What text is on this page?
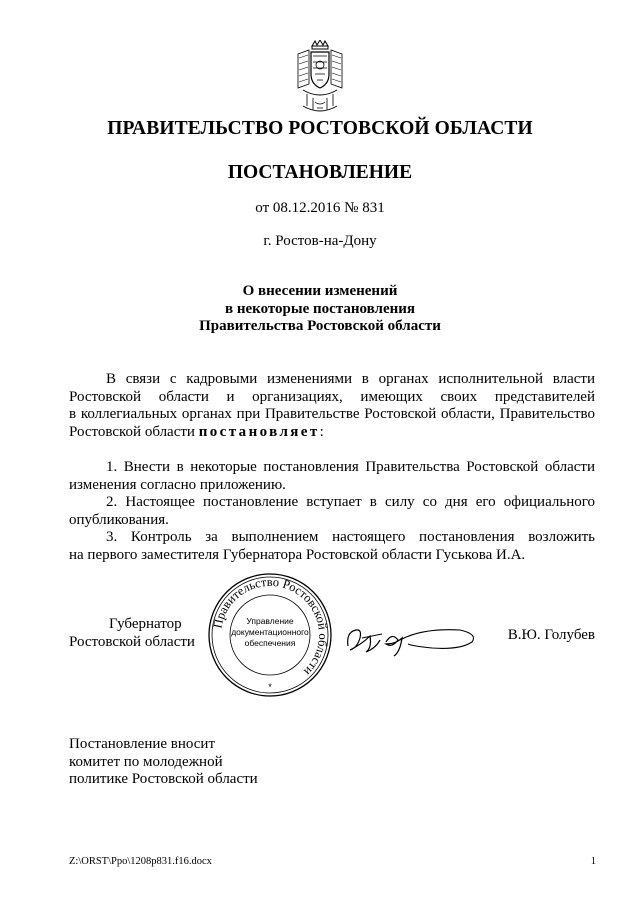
ПРАВИТЕЛЬСТВО РОСТОВСКОЙ ОБЛАСТИ
ПОСТАНОВЛЕНИЕ
от 08.12.2016 № 831
г. Ростов-на-Дону
О внесении изменений
в некоторые постановления
Правительства Ростовской области
В связи с кадровыми изменениями в органах исполнительной власти
Ростовской области и организациях, имеющих своих представителей
в коллегиальных органах при Правительстве Ростовской области, Правительство
Ростовской области постановляет:
1. Внести в некоторые постановления Правительства Ростовской области
изменения согласно приложению.
2. Настоящее постановление вступает в силу со дня его официального
опубликования.
3. Контроль за выполнением настоящего постановления возложить
на первого заместителя Губернатора Ростовской области Гуськова И.А.
Губернатор
Ростовской области
Правительство Ростовской области
Управление
документационного
обеспечения
*
В.Ю. Голубев
Постановление вносит
комитет по молодежной
политике Ростовской области
Z:\ORST\Ppo\1208p831.f16.docx	1
